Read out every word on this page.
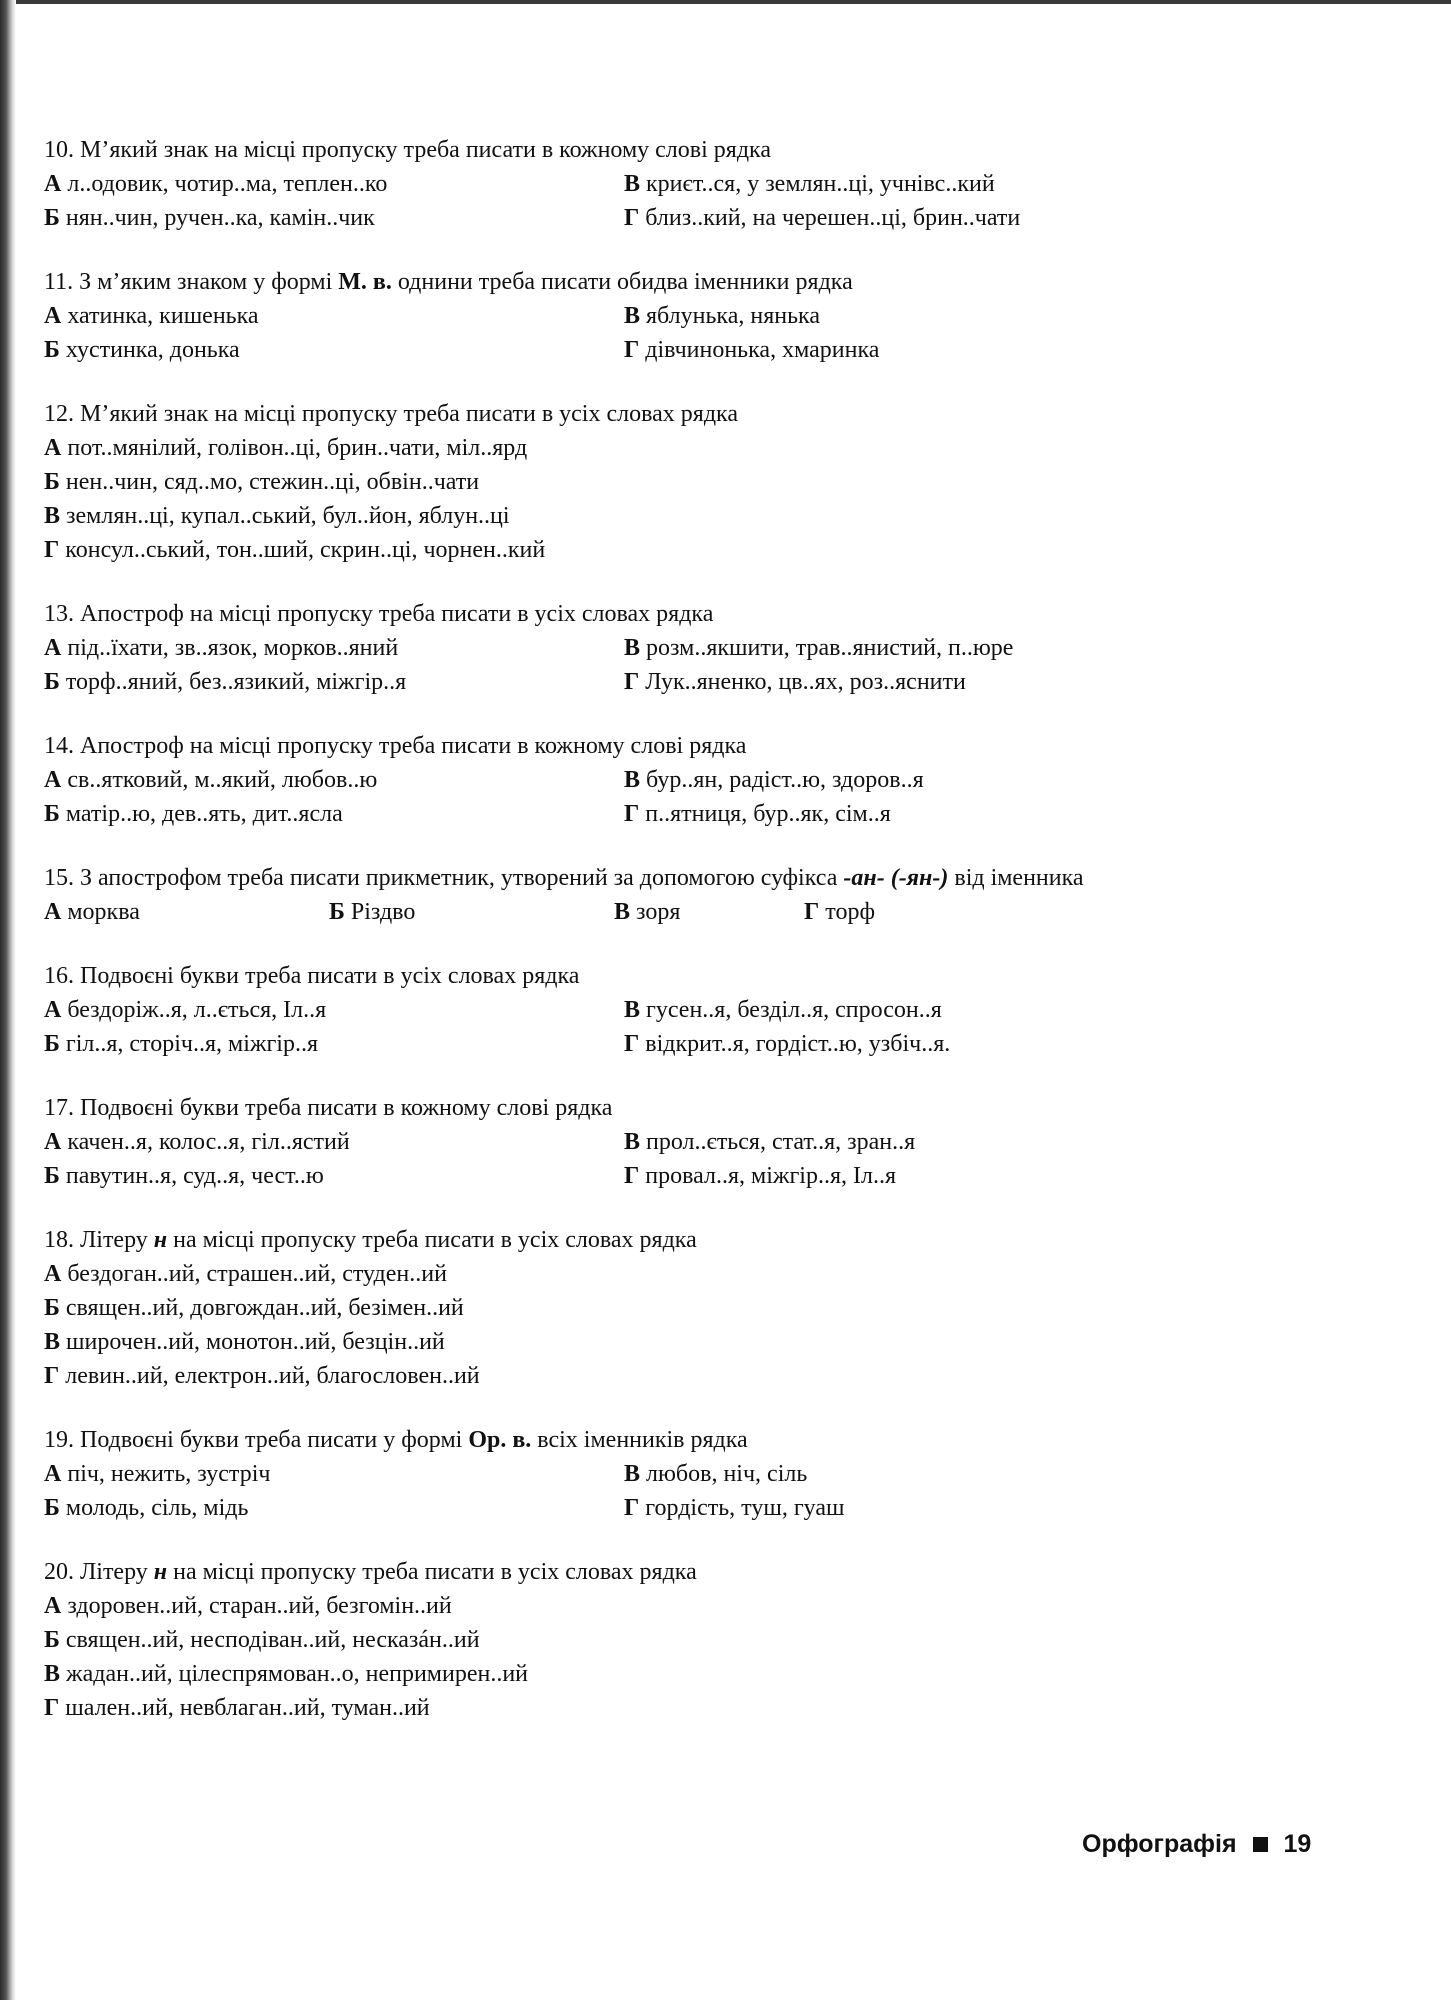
10. М’який знак на місці пропуску треба писати в кожному слові рядка
А л..одовик, чотир..ма, теплен..ко	В криєт..ся, у землян..ці, учнівс..кий
Б нян..чин, ручен..ка, камін..чик	Г близ..кий, на черешен..ці, брин..чати
11. З м’яким знаком у формі М. в. однини треба писати обидва іменники рядка
А хатинка, кишенька	В яблунька, нянька
Б хустинка, донька	Г дівчинонька, хмаринка
12. М’який знак на місці пропуску треба писати в усіх словах рядка
А пот..мянілий, голівон..ці, брин..чати, міл..ярд
Б нен..чин, сяд..мо, стежин..ці, обвін..чати
В землян..ці, купал..ський, бул..йон, яблун..ці
Г консул..ський, тон..ший, скрин..ці, чорнен..кий
13. Апостроф на місці пропуску треба писати в усіх словах рядка
А під..їхати, зв..язок, морков..яний	В розм..якшити, трав..янистий, п..юре
Б торф..яний, без..язикий, міжгір..я	Г Лук..яненко, цв..ях, роз..яснити
14. Апостроф на місці пропуску треба писати в кожному слові рядка
А св..ятковий, м..який, любов..ю	В бур..ян, радіст..ю, здоров..я
Б матір..ю, дев..ять, дит..ясла	Г п..ятниця, бур..як, сім..я
15. З апострофом треба писати прикметник, утворений за допомогою суфікса -ан- (-ян-) від іменника
А морква	Б Різдво	В зоря	Г торф
16. Подвоєні букви треба писати в усіх словах рядка
А бездоріж..я, л..ється, Іл..я	В гусен..я, безділ..я, спросон..я
Б гіл..я, сторіч..я, міжгір..я	Г відкрит..я, гордіст..ю, узбіч..я.
17. Подвоєні букви треба писати в кожному слові рядка
А качен..я, колос..я, гіл..ястий	В прол..ється, стат..я, зран..я
Б павутин..я, суд..я, чест..ю	Г провал..я, міжгір..я, Іл..я
18. Літеру н на місці пропуску треба писати в усіх словах рядка
А бездоган..ий, страшен..ий, студен..ий
Б священ..ий, довгождан..ий, безімен..ий
В широчен..ий, монотон..ий, безцін..ий
Г левин..ий, електрон..ий, благословен..ий
19. Подвоєні букви треба писати у формі Ор. в. всіх іменників рядка
А піч, нежить, зустріч	В любов, ніч, сіль
Б молодь, сіль, мідь	Г гордість, туш, гуаш
20. Літеру н на місці пропуску треба писати в усіх словах рядка
А здоровен..ий, старан..ий, безгомін..ий
Б священ..ий, несподіван..ий, несказáн..ий
В жадан..ий, цілеспрямован..о, непримирен..ий
Г шален..ий, невблаган..ий, туман..ий
Орфографія 19
